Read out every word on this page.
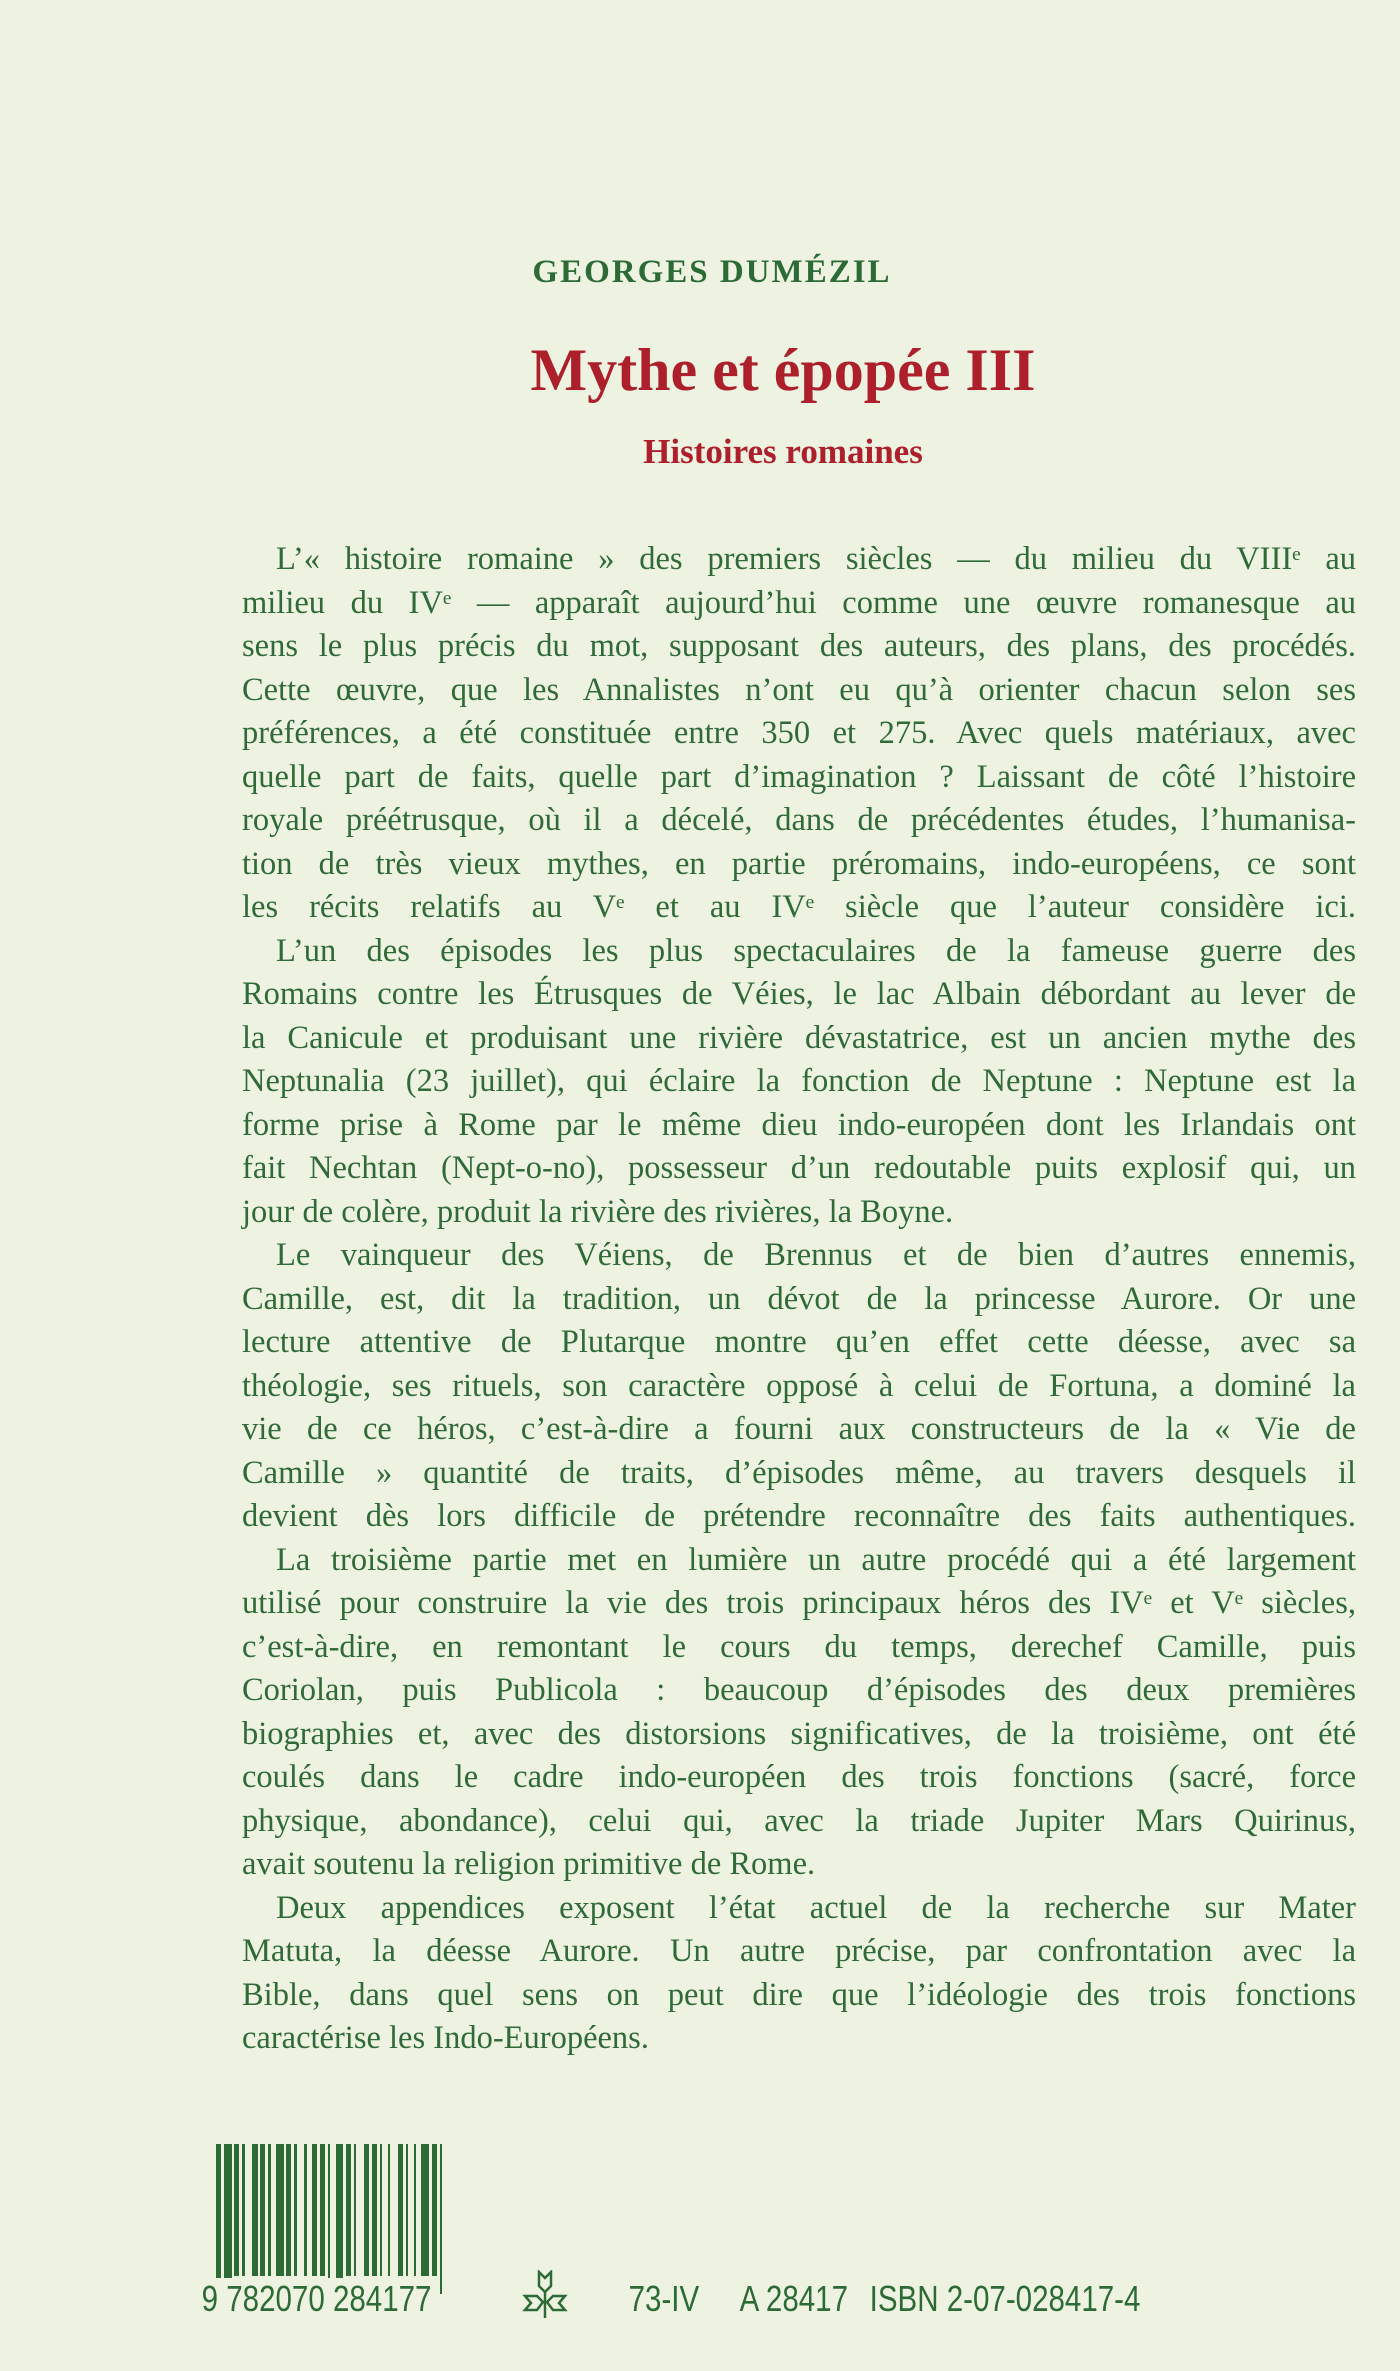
GEORGES DUMÉZIL
Mythe et épopée III
Histoires romaines
L’« histoire romaine » des premiers siècles — du milieu du VIIIᵉ au
milieu du IVᵉ — apparaît aujourd’hui comme une œuvre romanesque au
sens le plus précis du mot, supposant des auteurs, des plans, des procédés.
Cette œuvre, que les Annalistes n’ont eu qu’à orienter chacun selon ses
préférences, a été constituée entre 350 et 275. Avec quels matériaux, avec
quelle part de faits, quelle part d’imagination ? Laissant de côté l’histoire
royale préétrusque, où il a décelé, dans de précédentes études, l’humanisa-
tion de très vieux mythes, en partie préromains, indo-européens, ce sont
les récits relatifs au Vᵉ et au IVᵉ siècle que l’auteur considère ici.
L’un des épisodes les plus spectaculaires de la fameuse guerre des
Romains contre les Étrusques de Véies, le lac Albain débordant au lever de
la Canicule et produisant une rivière dévastatrice, est un ancien mythe des
Neptunalia (23 juillet), qui éclaire la fonction de Neptune : Neptune est la
forme prise à Rome par le même dieu indo-européen dont les Irlandais ont
fait Nechtan (Nept-o-no), possesseur d’un redoutable puits explosif qui, un
jour de colère, produit la rivière des rivières, la Boyne.
Le vainqueur des Véiens, de Brennus et de bien d’autres ennemis,
Camille, est, dit la tradition, un dévot de la princesse Aurore. Or une
lecture attentive de Plutarque montre qu’en effet cette déesse, avec sa
théologie, ses rituels, son caractère opposé à celui de Fortuna, a dominé la
vie de ce héros, c’est-à-dire a fourni aux constructeurs de la « Vie de
Camille » quantité de traits, d’épisodes même, au travers desquels il
devient dès lors difficile de prétendre reconnaître des faits authentiques.
La troisième partie met en lumière un autre procédé qui a été largement
utilisé pour construire la vie des trois principaux héros des IVᵉ et Vᵉ siècles,
c’est-à-dire, en remontant le cours du temps, derechef Camille, puis
Coriolan, puis Publicola : beaucoup d’épisodes des deux premières
biographies et, avec des distorsions significatives, de la troisième, ont été
coulés dans le cadre indo-européen des trois fonctions (sacré, force
physique, abondance), celui qui, avec la triade Jupiter Mars Quirinus,
avait soutenu la religion primitive de Rome.
Deux appendices exposent l’état actuel de la recherche sur Mater
Matuta, la déesse Aurore. Un autre précise, par confrontation avec la
Bible, dans quel sens on peut dire que l’idéologie des trois fonctions
caractérise les Indo-Européens.
9 782070 284177	73-IV A 28417 ISBN 2-07-028417-4
